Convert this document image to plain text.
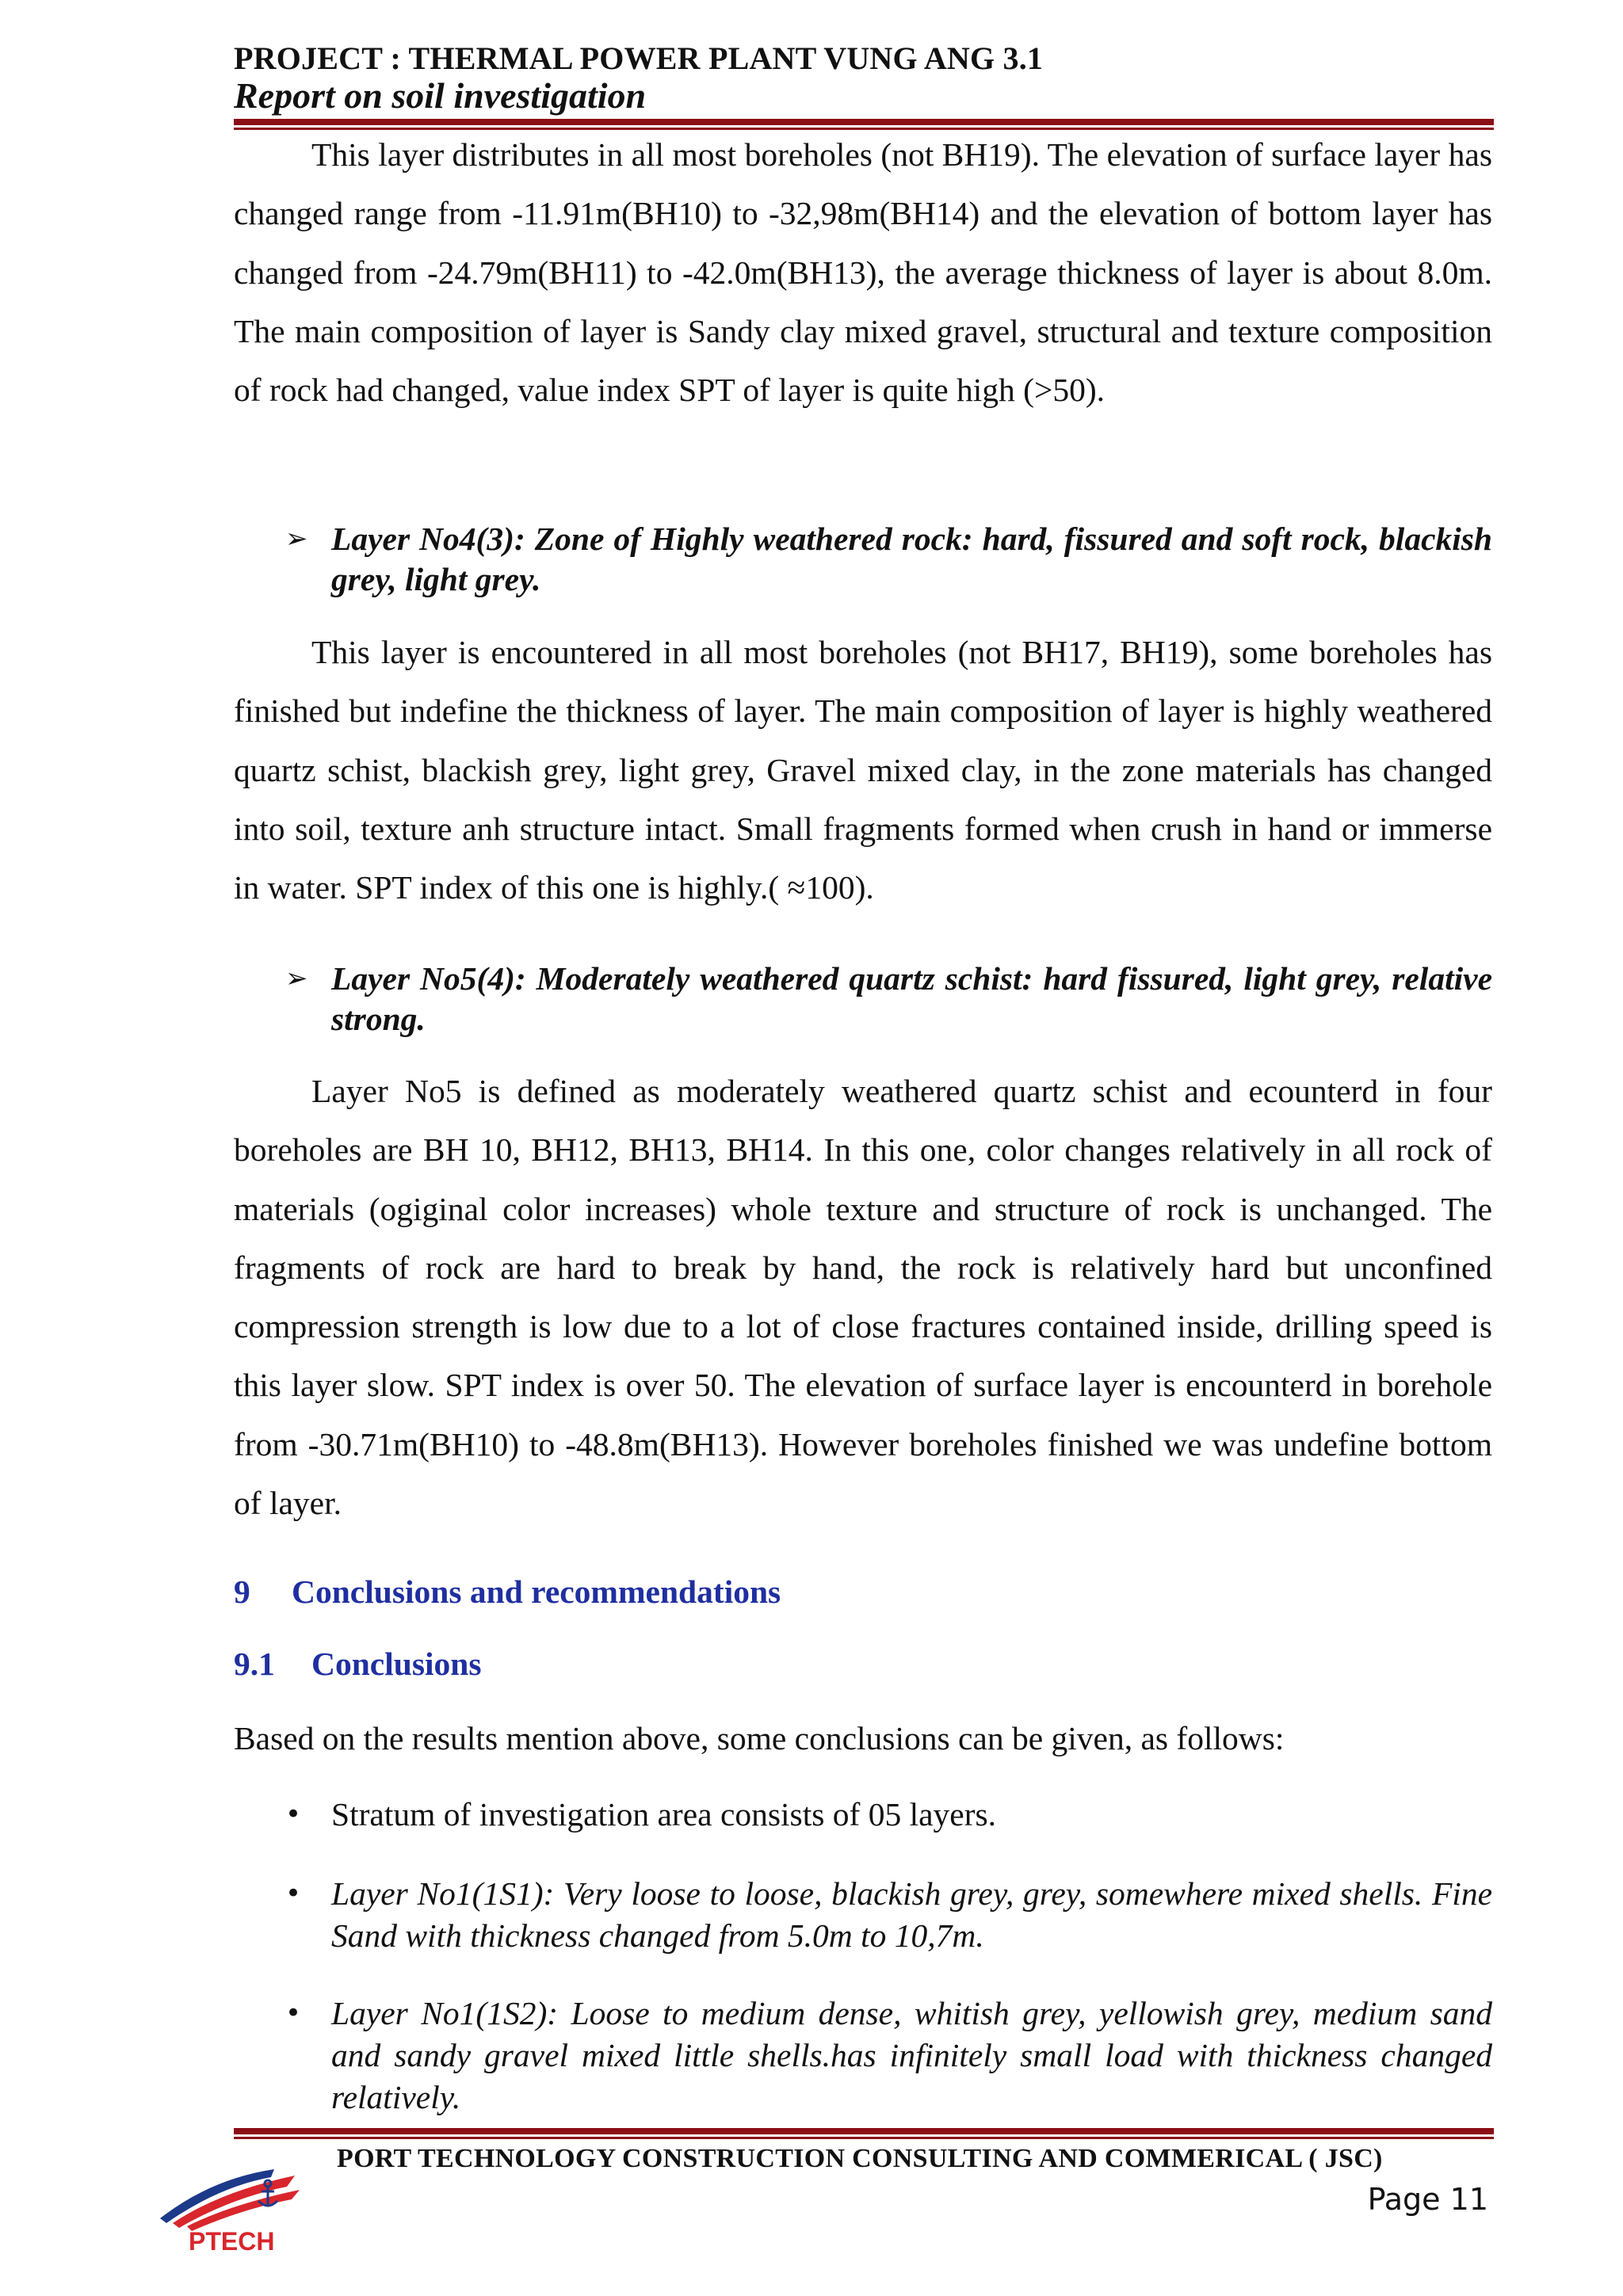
PROJECT : THERMAL POWER PLANT VUNG ANG 3.1
Report on soil investigation
This layer distributes in all most boreholes (not BH19). The elevation of surface layer has changed range from -11.91m(BH10) to -32,98m(BH14) and the elevation of bottom layer has changed from -24.79m(BH11) to -42.0m(BH13), the average thickness of layer is about 8.0m. The main composition of layer is Sandy clay mixed gravel, structural and texture composition of rock had changed, value index SPT of layer is quite high (>50).
➢ Layer No4(3): Zone of Highly weathered rock: hard, fissured and soft rock, blackish grey, light grey.
This layer is encountered in all most boreholes (not BH17, BH19), some boreholes has finished but indefine the thickness of layer. The main composition of layer is highly weathered quartz schist, blackish grey, light grey, Gravel mixed clay, in the zone materials has changed into soil, texture anh structure intact. Small fragments formed when crush in hand or immerse in water. SPT index of this one is highly.( ≈100).
➢ Layer No5(4): Moderately weathered quartz schist: hard fissured, light grey, relative strong.
Layer No5 is defined as moderately weathered quartz schist and ecounterd in four boreholes are BH 10, BH12, BH13, BH14. In this one, color changes relatively in all rock of materials (ogiginal color increases) whole texture and structure of rock is unchanged. The fragments of rock are hard to break by hand, the rock is relatively hard but unconfined compression strength is low due to a lot of close fractures contained inside, drilling speed is this layer slow. SPT index is over 50. The elevation of surface layer is encounterd in borehole from -30.71m(BH10) to -48.8m(BH13). However boreholes finished we was undefine bottom of layer.
9 Conclusions and recommendations
9.1 Conclusions
Based on the results mention above, some conclusions can be given, as follows:
• Stratum of investigation area consists of 05 layers.
• Layer No1(1S1): Very loose to loose, blackish grey, grey, somewhere mixed shells. Fine Sand with thickness changed from 5.0m to 10,7m.
• Layer No1(1S2): Loose to medium dense, whitish grey, yellowish grey, medium sand and sandy gravel mixed little shells.has infinitely small load with thickness changed relatively.
PTECH
PORT TECHNOLOGY CONSTRUCTION CONSULTING AND COMMERICAL ( JSC)
Page 11
